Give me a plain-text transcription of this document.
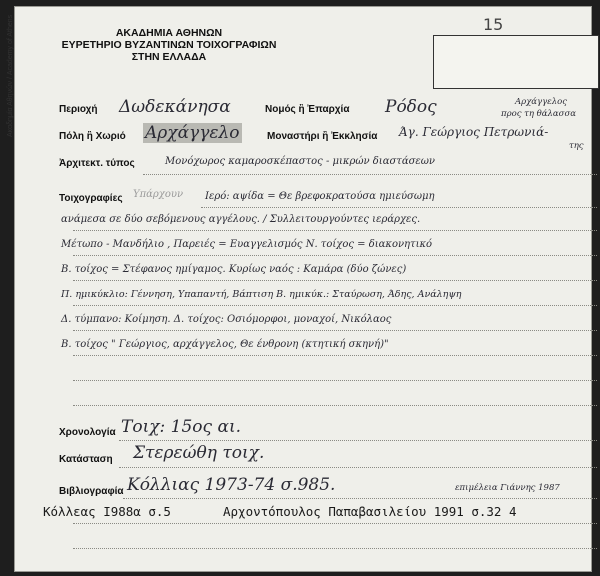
Ακαδημία Αθηνών / Academy of Athens	ΑΚΑΔΗΜΙΑ ΑΘΗΝΩΝ
ΕΥΡΕΤΗΡΙΟ ΒΥΖΑΝΤΙΝΩΝ ΤΟΙΧΟΓΡΑΦΙΩΝ
ΣΤΗΝ ΕΛΛΑΔΑ
15
Περιοχή Δωδεκάνησα	Νομός ἢ Ἐπαρχία Ρόδος	Αρχάγγελος
προς τη θάλασσα
Πόλη ἢ Χωριό Αρχάγγελο	Μοναστήρι ἢ Ἐκκλησία Άγ. Γεώργιος Πετρωνιά-
της
Ἀρχιτεκτ. τύπος	Μονόχωρος καμαροσκέπαστος - μικρών διαστάσεων
Τοιχογραφίες Υπάρχουν Ιερό: αψίδα = Θε βρεφοκρατούσα ημιεύσωμη
ανάμεσα σε δύο σεβόμενους αγγέλους. / Συλλειτουργούντες ιεράρχες.
Μέτωπο - Μανδήλιο , Παρειές = Ευαγγελισμός Ν. τοίχος = διακονητικό
Β. τοίχος = Στέφανος ημίγαμος. Κυρίως ναός : Καμάρα (δύο ζώνες)
Π. ημικύκλιο: Γέννηση, Υπαπαντή, Βάπτιση Β. ημικύκ.: Σταύρωση, Άδης, Ανάληψη
Δ. τύμπανο: Κοίμηση. Δ. τοίχος: Οσιόμορφοι, μοναχοί, Νικόλαος
Β. τοίχος " Γεώργιος, αρχάγγελος, Θε ένθρονη (κτητική σκηνή)"
Χρονολογία Τοιχ: 15ος αι.
Κατάσταση Στερεώθη τοιχ.
Βιβλιογραφία Κόλλιας 1973-74 σ.985.	επιμέλεια Γιάννης 1987
Κόλλεας Ι988α σ.5	Αρχοντόπουλος Παπαβασιλείου 1991 σ.32 4
